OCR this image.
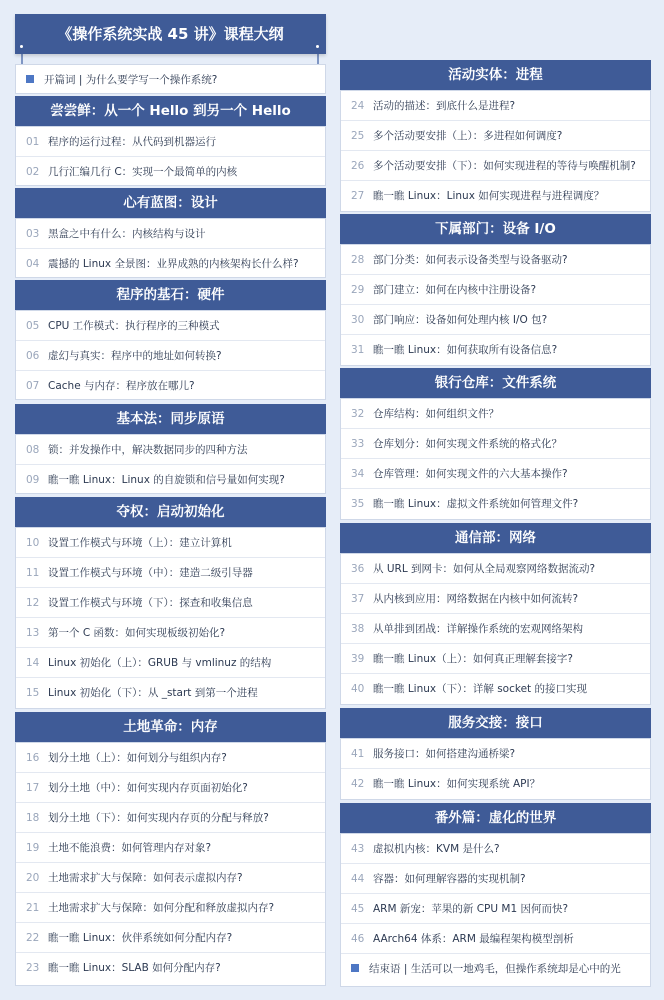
《操作系统实战 45 讲》课程大纲
开篇词 | 为什么要学写一个操作系统?
尝尝鲜：从一个 Hello 到另一个 Hello
01 程序的运行过程：从代码到机器运行
02 几行汇编几行 C：实现一个最简单的内核
心有蓝图：设计
03 黑盒之中有什么：内核结构与设计
04 震撼的 Linux 全景图：业界成熟的内核架构长什么样?
程序的基石：硬件
05 CPU 工作模式：执行程序的三种模式
06 虚幻与真实：程序中的地址如何转换?
07 Cache 与内存：程序放在哪儿?
基本法：同步原语
08 锁：并发操作中，解决数据同步的四种方法
09 瞧一瞧 Linux：Linux 的自旋锁和信号量如何实现?
夺权：启动初始化
10 设置工作模式与环境（上）：建立计算机
11 设置工作模式与环境（中）：建造二级引导器
12 设置工作模式与环境（下）：探查和收集信息
13 第一个 C 函数：如何实现板级初始化?
14 Linux 初始化（上）：GRUB 与 vmlinuz 的结构
15 Linux 初始化（下）：从 _start 到第一个进程
土地革命：内存
16 划分土地（上）：如何划分与组织内存?
17 划分土地（中）：如何实现内存页面初始化?
18 划分土地（下）：如何实现内存页的分配与释放?
19 土地不能浪费：如何管理内存对象?
20 土地需求扩大与保障：如何表示虚拟内存?
21 土地需求扩大与保障：如何分配和释放虚拟内存?
22 瞧一瞧 Linux：伙伴系统如何分配内存?
23 瞧一瞧 Linux：SLAB 如何分配内存?
活动实体：进程
24 活动的描述：到底什么是进程?
25 多个活动要安排（上）：多进程如何调度?
26 多个活动要安排（下）：如何实现进程的等待与唤醒机制?
27 瞧一瞧 Linux：Linux 如何实现进程与进程调度？
下属部门：设备 I/O
28 部门分类：如何表示设备类型与设备驱动?
29 部门建立：如何在内核中注册设备?
30 部门响应：设备如何处理内核 I/O 包?
31 瞧一瞧 Linux：如何获取所有设备信息?
银行仓库：文件系统
32 仓库结构：如何组织文件？
33 仓库划分：如何实现文件系统的格式化？
34 仓库管理：如何实现文件的六大基本操作?
35 瞧一瞧 Linux：虚拟文件系统如何管理文件?
通信部：网络
36 从 URL 到网卡：如何从全局观察网络数据流动?
37 从内核到应用：网络数据在内核中如何流转?
38 从单排到团战：详解操作系统的宏观网络架构
39 瞧一瞧 Linux（上）：如何真正理解套接字?
40 瞧一瞧 Linux（下）：详解 socket 的接口实现
服务交接：接口
41 服务接口：如何搭建沟通桥梁?
42 瞧一瞧 Linux：如何实现系统 API？
番外篇：虚化的世界
43 虚拟机内核：KVM 是什么?
44 容器：如何理解容器的实现机制?
45 ARM 新宠：苹果的新 CPU M1 因何而快?
46 AArch64 体系：ARM 最编程架构模型剖析
结束语 | 生活可以一地鸡毛，但操作系统却是心中的光
